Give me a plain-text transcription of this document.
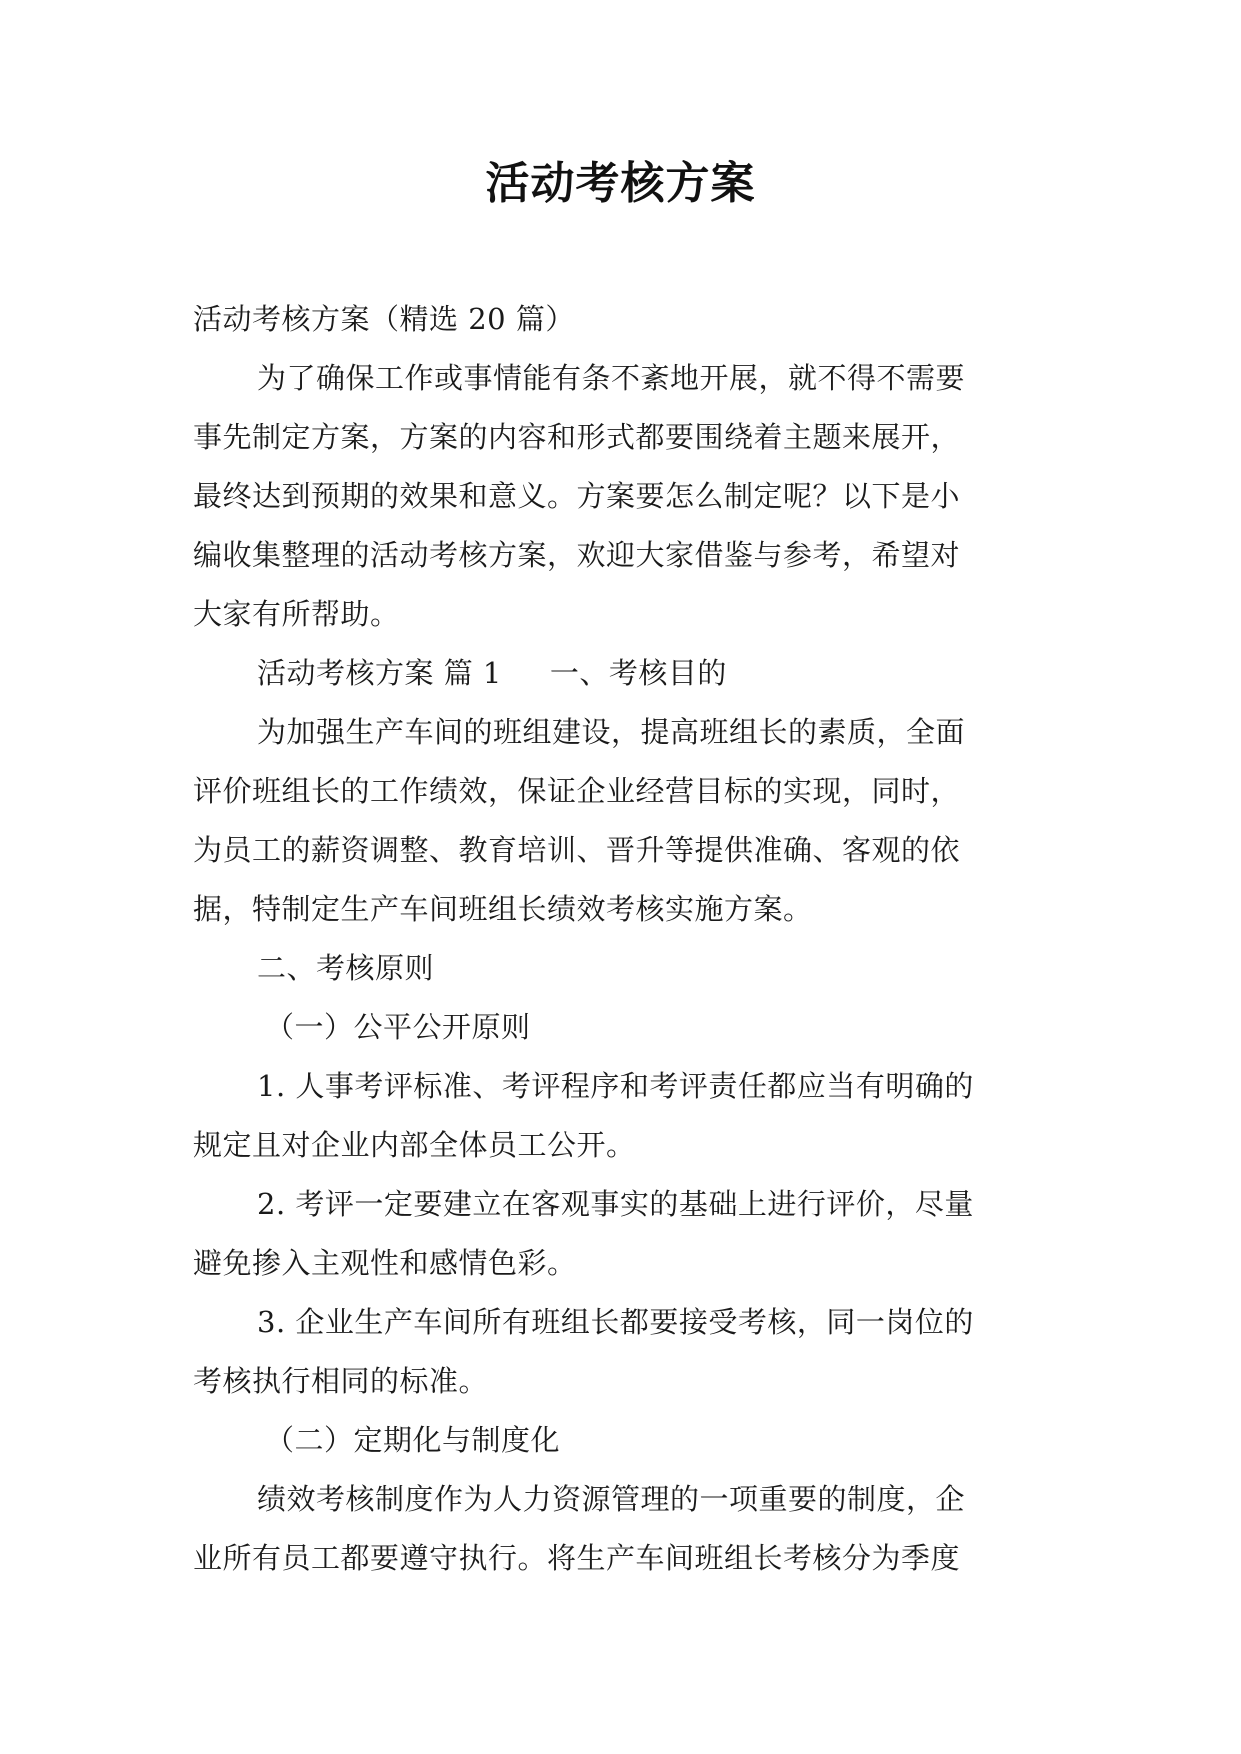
活动考核方案
活动考核方案（精选 20 篇）
为了确保工作或事情能有条不紊地开展，就不得不需要
事先制定方案，方案的内容和形式都要围绕着主题来展开，
最终达到预期的效果和意义。方案要怎么制定呢？以下是小
编收集整理的活动考核方案，欢迎大家借鉴与参考，希望对
大家有所帮助。
活动考核方案 篇 1 一、考核目的
为加强生产车间的班组建设，提高班组长的素质，全面
评价班组长的工作绩效，保证企业经营目标的实现，同时，
为员工的薪资调整、教育培训、晋升等提供准确、客观的依
据，特制定生产车间班组长绩效考核实施方案。
二、考核原则
（一）公平公开原则
1. 人事考评标准、考评程序和考评责任都应当有明确的
规定且对企业内部全体员工公开。
2. 考评一定要建立在客观事实的基础上进行评价，尽量
避免掺入主观性和感情色彩。
3. 企业生产车间所有班组长都要接受考核，同一岗位的
考核执行相同的标准。
（二）定期化与制度化
绩效考核制度作为人力资源管理的一项重要的制度，企
业所有员工都要遵守执行。将生产车间班组长考核分为季度
